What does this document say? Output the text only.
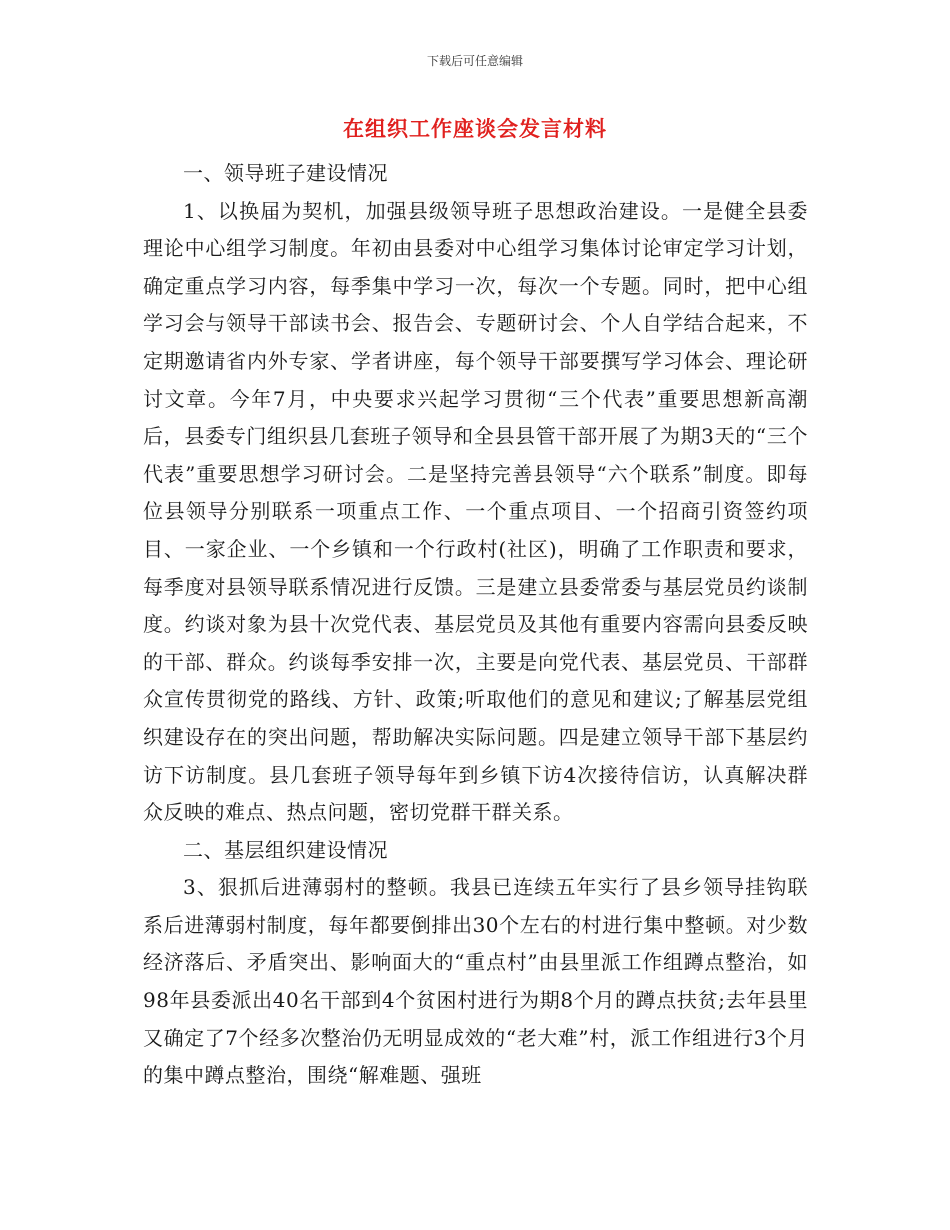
下载后可任意编辑
在组织工作座谈会发言材料

一、领导班子建设情况

1、以换届为契机，加强县级领导班子思想政治建设。一是健全县委理论中心组学习制度。年初由县委对中心组学习集体讨论审定学习计划，确定重点学习内容，每季集中学习一次，每次一个专题。同时，把中心组学习会与领导干部读书会、报告会、专题研讨会、个人自学结合起来，不定期邀请省内外专家、学者讲座，每个领导干部要撰写学习体会、理论研讨文章。今年7月，中央要求兴起学习贯彻“三个代表”重要思想新高潮后，县委专门组织县几套班子领导和全县县管干部开展了为期3天的“三个代表”重要思想学习研讨会。二是坚持完善县领导“六个联系”制度。即每位县领导分别联系一项重点工作、一个重点项目、一个招商引资签约项目、一家企业、一个乡镇和一个行政村(社区)，明确了工作职责和要求，每季度对县领导联系情况进行反馈。三是建立县委常委与基层党员约谈制度。约谈对象为县十次党代表、基层党员及其他有重要内容需向县委反映的干部、群众。约谈每季安排一次，主要是向党代表、基层党员、干部群众宣传贯彻党的路线、方针、政策;听取他们的意见和建议;了解基层党组织建设存在的突出问题，帮助解决实际问题。四是建立领导干部下基层约访下访制度。县几套班子领导每年到乡镇下访4次接待信访，认真解决群众反映的难点、热点问题，密切党群干群关系。

二、基层组织建设情况

3、狠抓后进薄弱村的整顿。我县已连续五年实行了县乡领导挂钩联系后进薄弱村制度，每年都要倒排出30个左右的村进行集中整顿。对少数经济落后、矛盾突出、影响面大的“重点村”由县里派工作组蹲点整治，如98年县委派出40名干部到4个贫困村进行为期8个月的蹲点扶贫;去年县里又确定了7个经多次整治仍无明显成效的“老大难”村，派工作组进行3个月的集中蹲点整治，围绕“解难题、强班
